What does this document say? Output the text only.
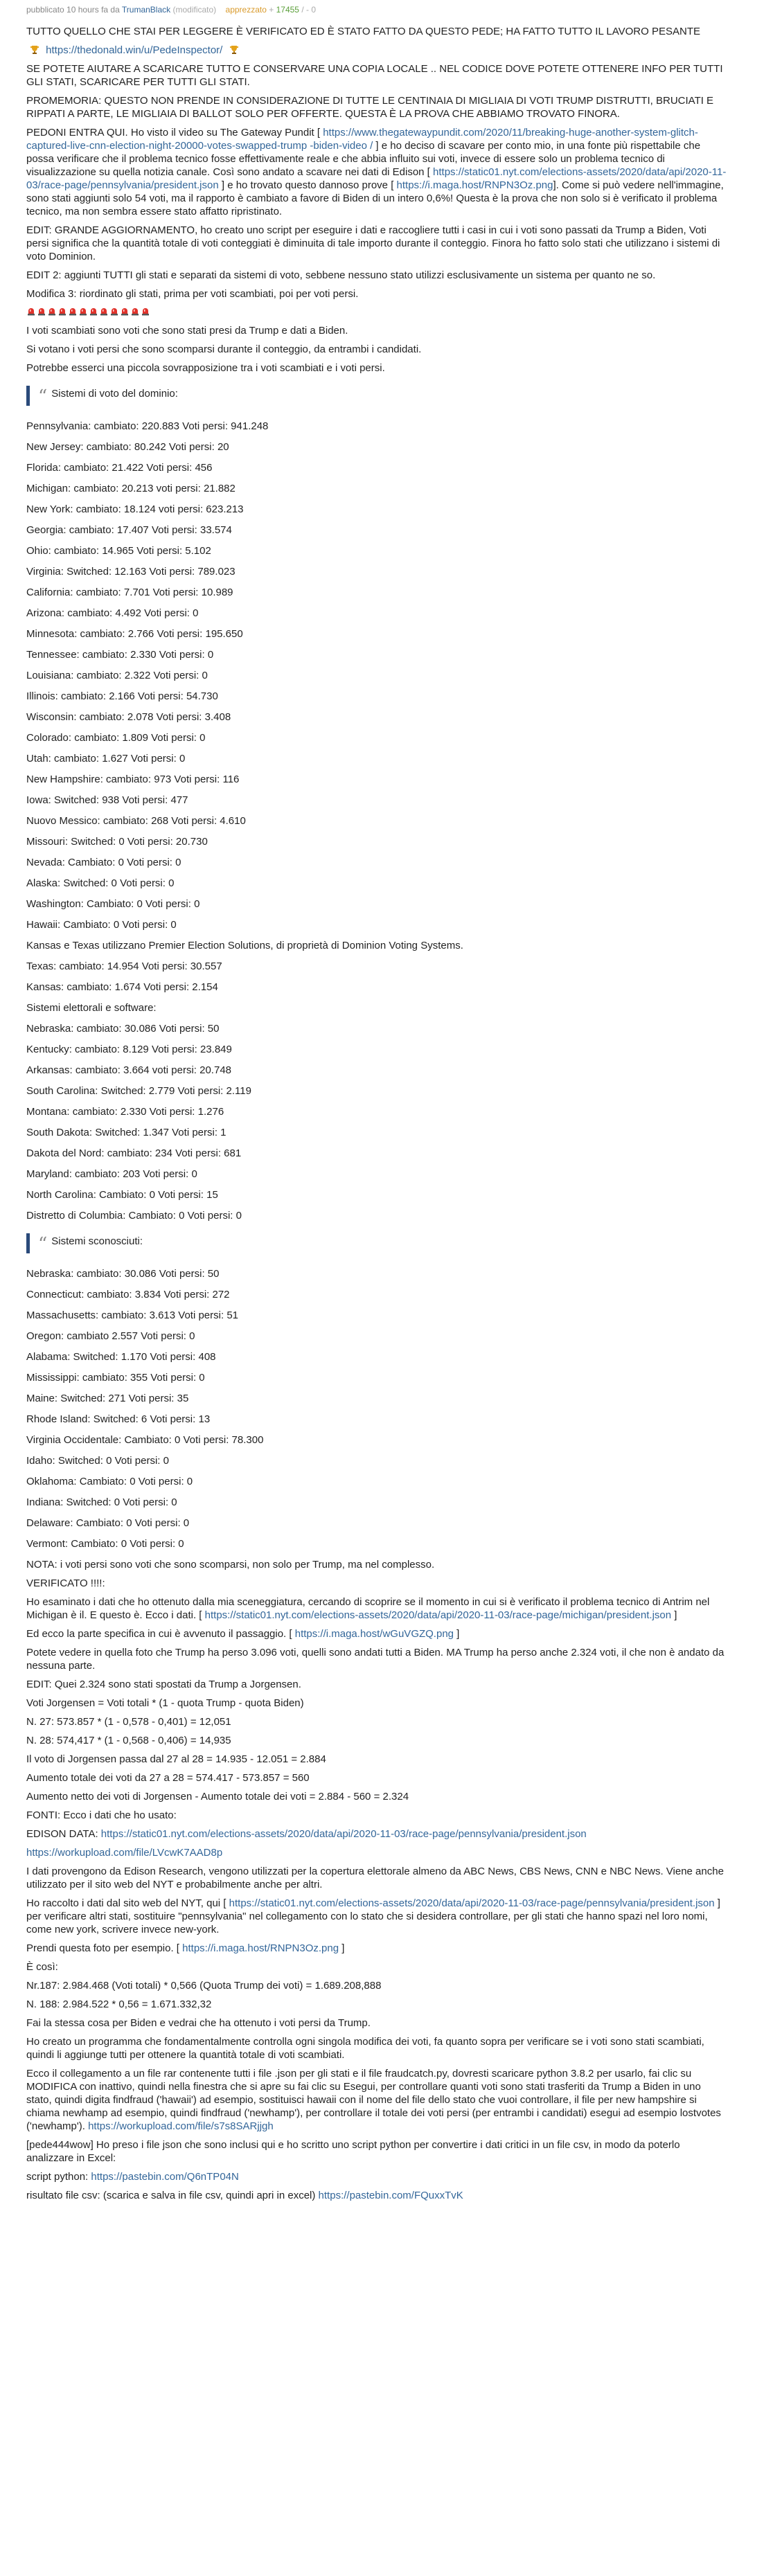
pubblicato 10 hours fa da TrumanBlack (modificato) apprezzato + 17455 / - 0
TUTTO QUELLO CHE STAI PER LEGGERE È VERIFICATO ED È STATO FATTO DA QUESTO PEDE; HA FATTO TUTTO IL LAVORO PESANTE
https://thedonald.win/u/PedeInspector/
SE POTETE AIUTARE A SCARICARE TUTTO E CONSERVARE UNA COPIA LOCALE .. NEL CODICE DOVE POTETE OTTENERE INFO PER TUTTI GLI STATI, SCARICARE PER TUTTI GLI STATI.
PROMEMORIA: QUESTO NON PRENDE IN CONSIDERAZIONE DI TUTTE LE CENTINAIA DI MIGLIAIA DI VOTI TRUMP DISTRUTTI, BRUCIATI E RIPPATI A PARTE, LE MIGLIAIA DI BALLOT SOLO PER OFFERTE. QUESTA È LA PROVA CHE ABBIAMO TROVATO FINORA.
PEDONI ENTRA QUI. Ho visto il video su The Gateway Pundit [ https://www.thegatewaypundit.com/2020/11/breaking-huge-another-system-glitch-captured-live-cnn-election-night-20000-votes-swapped-trump -biden-video / ] e ho deciso di scavare per conto mio, in una fonte più rispettabile che possa verificare che il problema tecnico fosse effettivamente reale e che abbia influito sui voti, invece di essere solo un problema tecnico di visualizzazione su quella notizia canale. Così sono andato a scavare nei dati di Edison [ https://static01.nyt.com/elections-assets/2020/data/api/2020-11-03/race-page/pennsylvania/president.json ] e ho trovato questo dannoso prove [ https://i.maga.host/RNPN3Oz.png]. Come si può vedere nell'immagine, sono stati aggiunti solo 54 voti, ma il rapporto è cambiato a favore di Biden di un intero 0,6%! Questa è la prova che non solo si è verificato il problema tecnico, ma non sembra essere stato affatto ripristinato.
EDIT: GRANDE AGGIORNAMENTO, ho creato uno script per eseguire i dati e raccogliere tutti i casi in cui i voti sono passati da Trump a Biden, Voti persi significa che la quantità totale di voti conteggiati è diminuita di tale importo durante il conteggio. Finora ho fatto solo stati che utilizzano i sistemi di voto Dominion.
EDIT 2: aggiunti TUTTI gli stati e separati da sistemi di voto, sebbene nessuno stato utilizzi esclusivamente un sistema per quanto ne so.
Modifica 3: riordinato gli stati, prima per voti scambiati, poi per voti persi.
I voti scambiati sono voti che sono stati presi da Trump e dati a Biden.
Si votano i voti persi che sono scomparsi durante il conteggio, da entrambi i candidati.
Potrebbe esserci una piccola sovrapposizione tra i voti scambiati e i voti persi.
“ Sistemi di voto del dominio:
Pennsylvania: cambiato: 220.883 Voti persi: 941.248
New Jersey: cambiato: 80.242 Voti persi: 20
Florida: cambiato: 21.422 Voti persi: 456
Michigan: cambiato: 20.213 voti persi: 21.882
New York: cambiato: 18.124 voti persi: 623.213
Georgia: cambiato: 17.407 Voti persi: 33.574
Ohio: cambiato: 14.965 Voti persi: 5.102
Virginia: Switched: 12.163 Voti persi: 789.023
California: cambiato: 7.701 Voti persi: 10.989
Arizona: cambiato: 4.492 Voti persi: 0
Minnesota: cambiato: 2.766 Voti persi: 195.650
Tennessee: cambiato: 2.330 Voti persi: 0
Louisiana: cambiato: 2.322 Voti persi: 0
Illinois: cambiato: 2.166 Voti persi: 54.730
Wisconsin: cambiato: 2.078 Voti persi: 3.408
Colorado: cambiato: 1.809 Voti persi: 0
Utah: cambiato: 1.627 Voti persi: 0
New Hampshire: cambiato: 973 Voti persi: 116
Iowa: Switched: 938 Voti persi: 477
Nuovo Messico: cambiato: 268 Voti persi: 4.610
Missouri: Switched: 0 Voti persi: 20.730
Nevada: Cambiato: 0 Voti persi: 0
Alaska: Switched: 0 Voti persi: 0
Washington: Cambiato: 0 Voti persi: 0
Hawaii: Cambiato: 0 Voti persi: 0
Kansas e Texas utilizzano Premier Election Solutions, di proprietà di Dominion Voting Systems.
Texas: cambiato: 14.954 Voti persi: 30.557
Kansas: cambiato: 1.674 Voti persi: 2.154
Sistemi elettorali e software:
Nebraska: cambiato: 30.086 Voti persi: 50
Kentucky: cambiato: 8.129 Voti persi: 23.849
Arkansas: cambiato: 3.664 voti persi: 20.748
South Carolina: Switched: 2.779 Voti persi: 2.119
Montana: cambiato: 2.330 Voti persi: 1.276
South Dakota: Switched: 1.347 Voti persi: 1
Dakota del Nord: cambiato: 234 Voti persi: 681
Maryland: cambiato: 203 Voti persi: 0
North Carolina: Cambiato: 0 Voti persi: 15
Distretto di Columbia: Cambiato: 0 Voti persi: 0
“ Sistemi sconosciuti:
Nebraska: cambiato: 30.086 Voti persi: 50
Connecticut: cambiato: 3.834 Voti persi: 272
Massachusetts: cambiato: 3.613 Voti persi: 51
Oregon: cambiato 2.557 Voti persi: 0
Alabama: Switched: 1.170 Voti persi: 408
Mississippi: cambiato: 355 Voti persi: 0
Maine: Switched: 271 Voti persi: 35
Rhode Island: Switched: 6 Voti persi: 13
Virginia Occidentale: Cambiato: 0 Voti persi: 78.300
Idaho: Switched: 0 Voti persi: 0
Oklahoma: Cambiato: 0 Voti persi: 0
Indiana: Switched: 0 Voti persi: 0
Delaware: Cambiato: 0 Voti persi: 0
Vermont: Cambiato: 0 Voti persi: 0
NOTA: i voti persi sono voti che sono scomparsi, non solo per Trump, ma nel complesso.
VERIFICATO !!!!:
Ho esaminato i dati che ho ottenuto dalla mia sceneggiatura, cercando di scoprire se il momento in cui si è verificato il problema tecnico di Antrim nel Michigan è il. E questo è. Ecco i dati. [ https://static01.nyt.com/elections-assets/2020/data/api/2020-11-03/race-page/michigan/president.json ]
Ed ecco la parte specifica in cui è avvenuto il passaggio. [ https://i.maga.host/wGuVGZQ.png ]
Potete vedere in quella foto che Trump ha perso 3.096 voti, quelli sono andati tutti a Biden. MA Trump ha perso anche 2.324 voti, il che non è andato da nessuna parte.
EDIT: Quei 2.324 sono stati spostati da Trump a Jorgensen.
Voti Jorgensen = Voti totali * (1 - quota Trump - quota Biden)
N. 27: 573.857 * (1 - 0,578 - 0,401) = 12,051
N. 28: 574,417 * (1 - 0,568 - 0,406) = 14,935
Il voto di Jorgensen passa dal 27 al 28 = 14.935 - 12.051 = 2.884
Aumento totale dei voti da 27 a 28 = 574.417 - 573.857 = 560
Aumento netto dei voti di Jorgensen - Aumento totale dei voti = 2.884 - 560 = 2.324
FONTI: Ecco i dati che ho usato:
EDISON DATA: https://static01.nyt.com/elections-assets/2020/data/api/2020-11-03/race-page/pennsylvania/president.json
https://workupload.com/file/LVcwK7AAD8p
I dati provengono da Edison Research, vengono utilizzati per la copertura elettorale almeno da ABC News, CBS News, CNN e NBC News. Viene anche utilizzato per il sito web del NYT e probabilmente anche per altri.
Ho raccolto i dati dal sito web del NYT, qui [ https://static01.nyt.com/elections-assets/2020/data/api/2020-11-03/race-page/pennsylvania/president.json ] per verificare altri stati, sostituire "pennsylvania" nel collegamento con lo stato che si desidera controllare, per gli stati che hanno spazi nel loro nomi, come new york, scrivere invece new-york.
Prendi questa foto per esempio. [ https://i.maga.host/RNPN3Oz.png ]
È così:
Nr.187: 2.984.468 (Voti totali) * 0,566 (Quota Trump dei voti) = 1.689.208,888
N. 188: 2.984.522 * 0,56 = 1.671.332,32
Fai la stessa cosa per Biden e vedrai che ha ottenuto i voti persi da Trump.
Ho creato un programma che fondamentalmente controlla ogni singola modifica dei voti, fa quanto sopra per verificare se i voti sono stati scambiati, quindi li aggiunge tutti per ottenere la quantità totale di voti scambiati.
Ecco il collegamento a un file rar contenente tutti i file .json per gli stati e il file fraudcatch.py, dovresti scaricare python 3.8.2 per usarlo, fai clic su MODIFICA con inattivo, quindi nella finestra che si apre su fai clic su Esegui, per controllare quanti voti sono stati trasferiti da Trump a Biden in uno stato, quindi digita findfraud ('hawaii') ad esempio, sostituisci hawaii con il nome del file dello stato che vuoi controllare, il file per new hampshire si chiama newhamp ad esempio, quindi findfraud ('newhamp'), per controllare il totale dei voti persi (per entrambi i candidati) esegui ad esempio lostvotes ('newhamp'). https://workupload.com/file/s7s8SARjjgh
[pede444wow] Ho preso i file json che sono inclusi qui e ho scritto uno script python per convertire i dati critici in un file csv, in modo da poterlo analizzare in Excel:
script python: https://pastebin.com/Q6nTP04N
risultato file csv: (scarica e salva in file csv, quindi apri in excel) https://pastebin.com/FQuxxTvK
